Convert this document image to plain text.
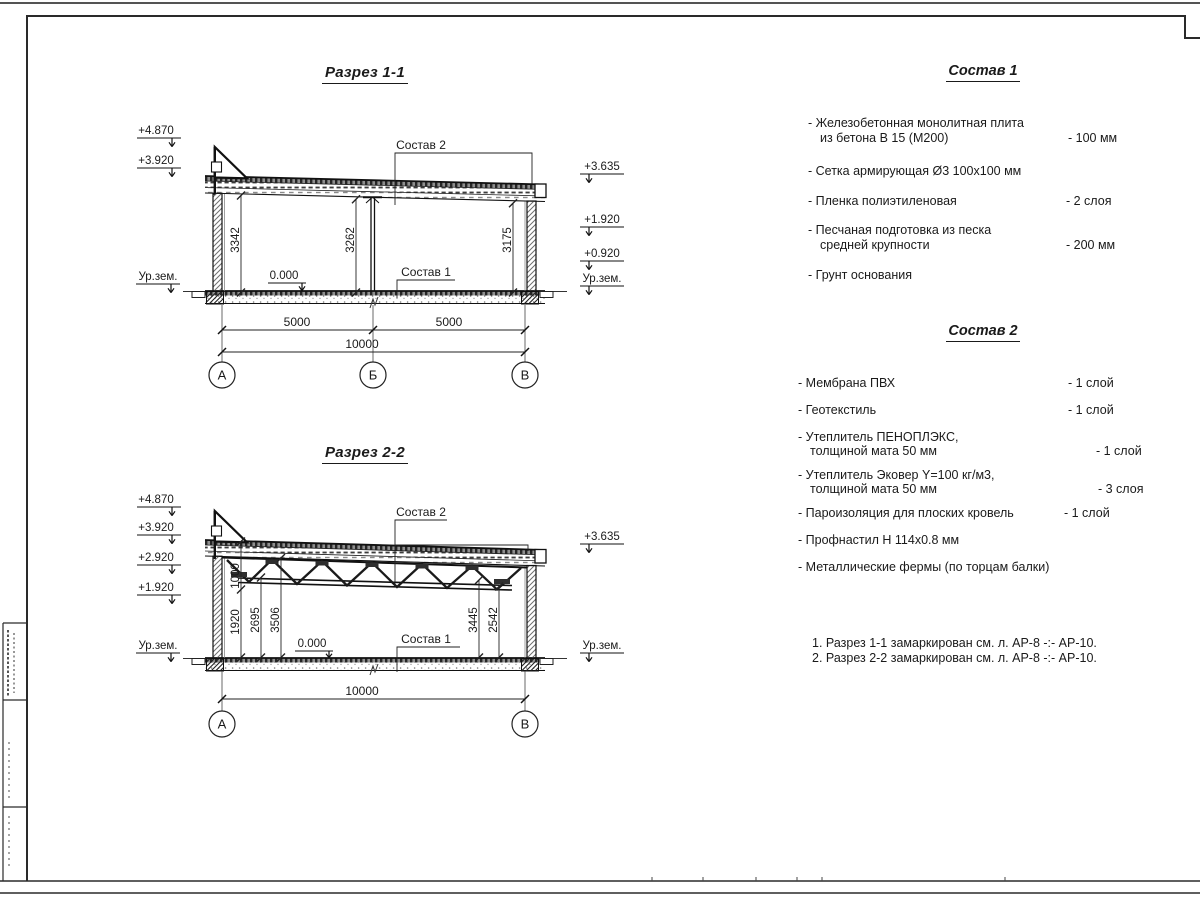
3342	3262	3175
Состав 2
Состав 1
0.000
+4.870
+3.920
Ур.зем.
+3.635
+1.920
+0.920
Ур.зем.
5000	5000
10000
А	Б	В
1000
1920 2695 3506	3445 2542
Состав 2
Состав 1
0.000
+4.870
+3.920
+2.920
+1.920
Ур.зем.
+3.635
Ур.зем.
10000
А	В
Разрез 1-1
Разрез 2-2
Состав 1
- Железобетонная монолитная плита
из бетона В 15 (М200)	- 100 мм
- Сетка армирующая Ø3 100х100 мм
- Пленка полиэтиленовая	- 2 слоя
- Песчаная подготовка из песка
средней крупности	- 200 мм
- Грунт основания
Состав 2
- Мембрана ПВХ	- 1 слой
- Геотекстиль	- 1 слой
- Утеплитель ПЕНОПЛЭКС,
толщиной мата 50 мм	- 1 слой
- Утеплитель Эковер Y=100 кг/м3,
толщиной мата 50 мм	- 3 слоя
- Пароизоляция для плоских кровель	- 1 слой
- Профнастил Н 114х0.8 мм
- Металлические фермы (по торцам балки)
1. Разрез 1-1 замаркирован см. л. АР-8 -:- АР-10.
2. Разрез 2-2 замаркирован см. л. АР-8 -:- АР-10.
